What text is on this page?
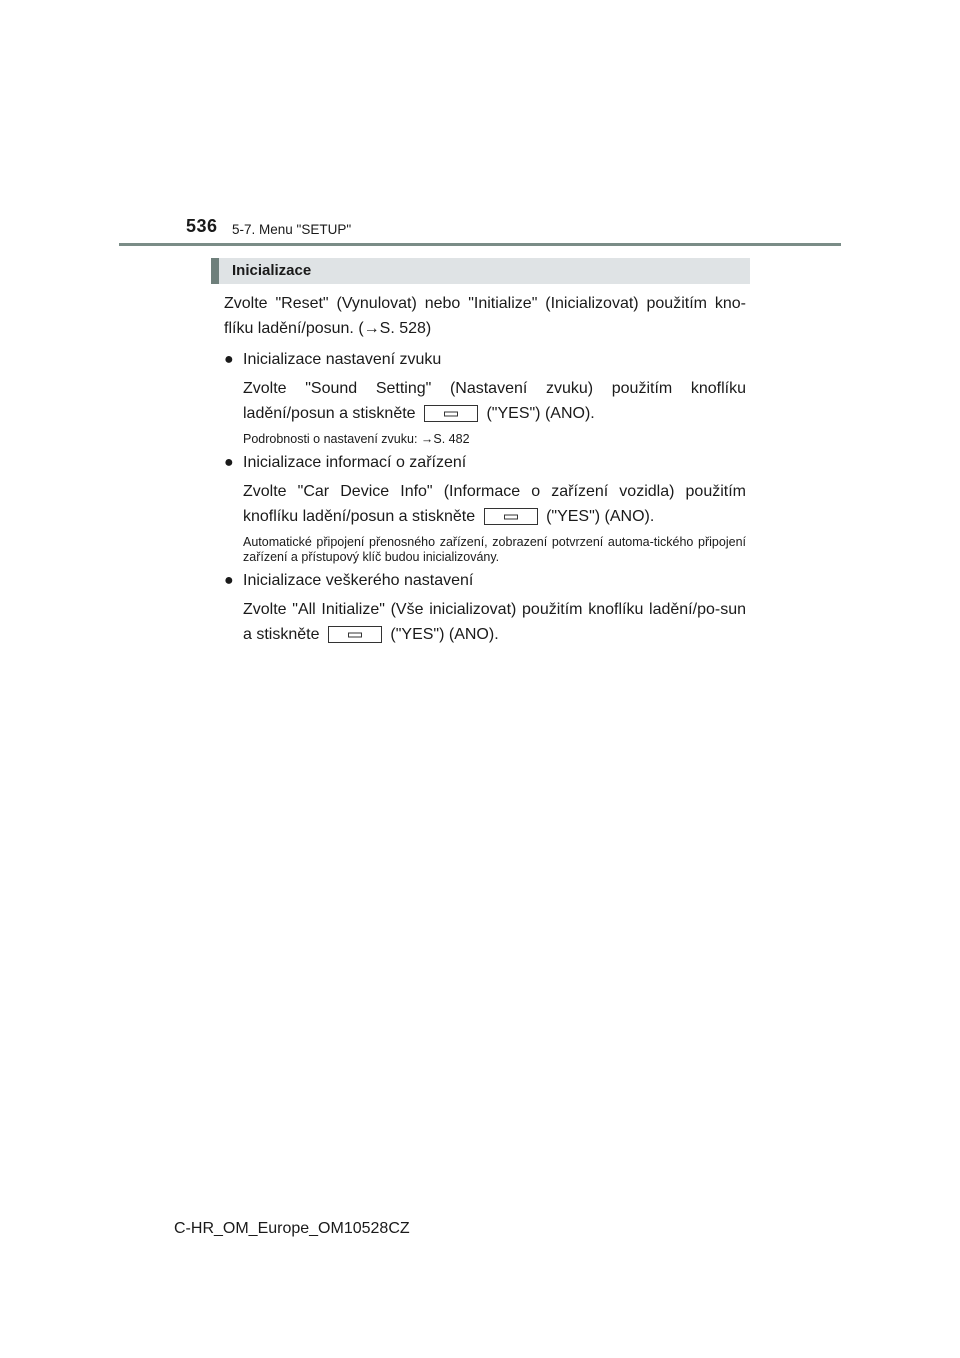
536 5-7. Menu "SETUP"
Inicializace

Zvolte "Reset" (Vynulovat) nebo "Initialize" (Inicializovat) použitím kno-flíku ladění/posun. (→S. 528)

● Inicializace nastavení zvuku

Zvolte "Sound Setting" (Nastavení zvuku) použitím knoflíku ladění/posun a stiskněte	("YES") (ANO).

Podrobnosti o nastavení zvuku: →S. 482

● Inicializace informací o zařízení

Zvolte "Car Device Info" (Informace o zařízení vozidla) použitím knoflíku ladění/posun a stiskněte	("YES") (ANO).

Automatické připojení přenosného zařízení, zobrazení potvrzení automa-tického připojení zařízení a přístupový klíč budou inicializovány.

● Inicializace veškerého nastavení

Zvolte "All Initialize" (Vše inicializovat) použitím knoflíku ladění/po-sun a stiskněte	("YES") (ANO).

C-HR_OM_Europe_OM10528CZ
